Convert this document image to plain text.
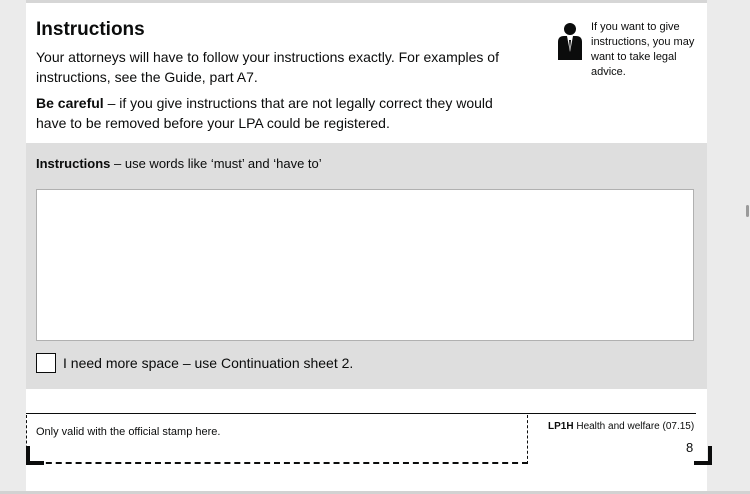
Instructions

Your attorneys will have to follow your instructions exactly. For examples of instructions, see the Guide, part A7.

Be careful – if you give instructions that are not legally correct they would have to be removed before your LPA could be registered.

If you want to give instructions, you may want to take legal advice.
Instructions – use words like ‘must’ and ‘have to’
I need more space – use Continuation sheet 2.
Only valid with the official stamp here.	LP1H Health and welfare (07.15)
8
